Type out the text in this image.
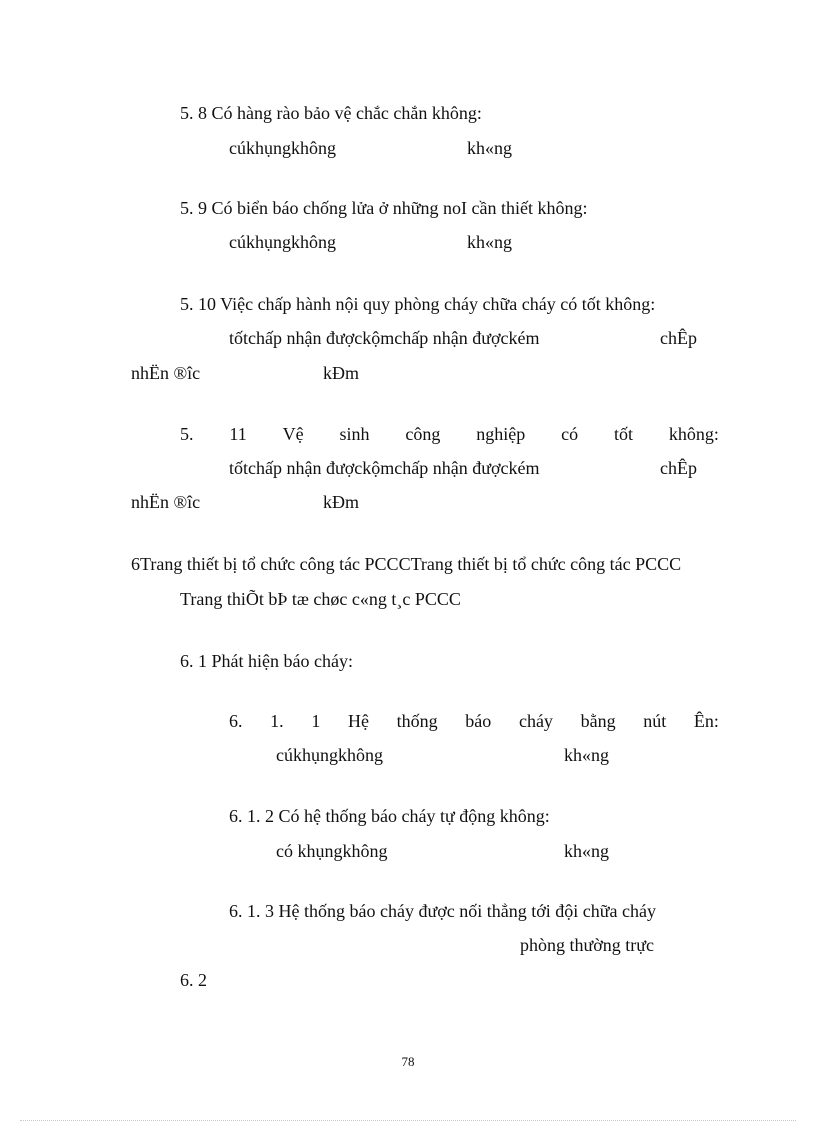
5. 8 Có hàng rào bảo vệ chắc chắn không:
cúkhụngkhông	kh«ng
5. 9 Có biển báo chống lửa ở những noI cần thiết không:
cúkhụngkhông	kh«ng
5. 10 Việc chấp hành nội quy phòng cháy chữa cháy có tốt không:
tốtchấp nhận đượckộmchấp nhận đượckém	chÊp
nhËn ®îc	kÐm
5. 11 Vệ sinh công nghiệp có tốt không:
tốtchấp nhận đượckộmchấp nhận đượckém	chÊp
nhËn ®îc	kÐm
6Trang thiết bị tổ chức công tác PCCCTrang thiết bị tổ chức công tác PCCC
Trang thiÕt bÞ tæ chøc c«ng t¸c PCCC
6. 1 Phát hiện báo cháy:
6. 1. 1 Hệ thống báo cháy bằng nút Ên:
cúkhụngkhông	kh«ng
6. 1. 2 Có hệ thống báo cháy tự động không:
có khụngkhông	kh«ng
6. 1. 3 Hệ thống báo cháy được nối thẳng tới đội chữa cháy
phòng thường trực
6. 2
78
